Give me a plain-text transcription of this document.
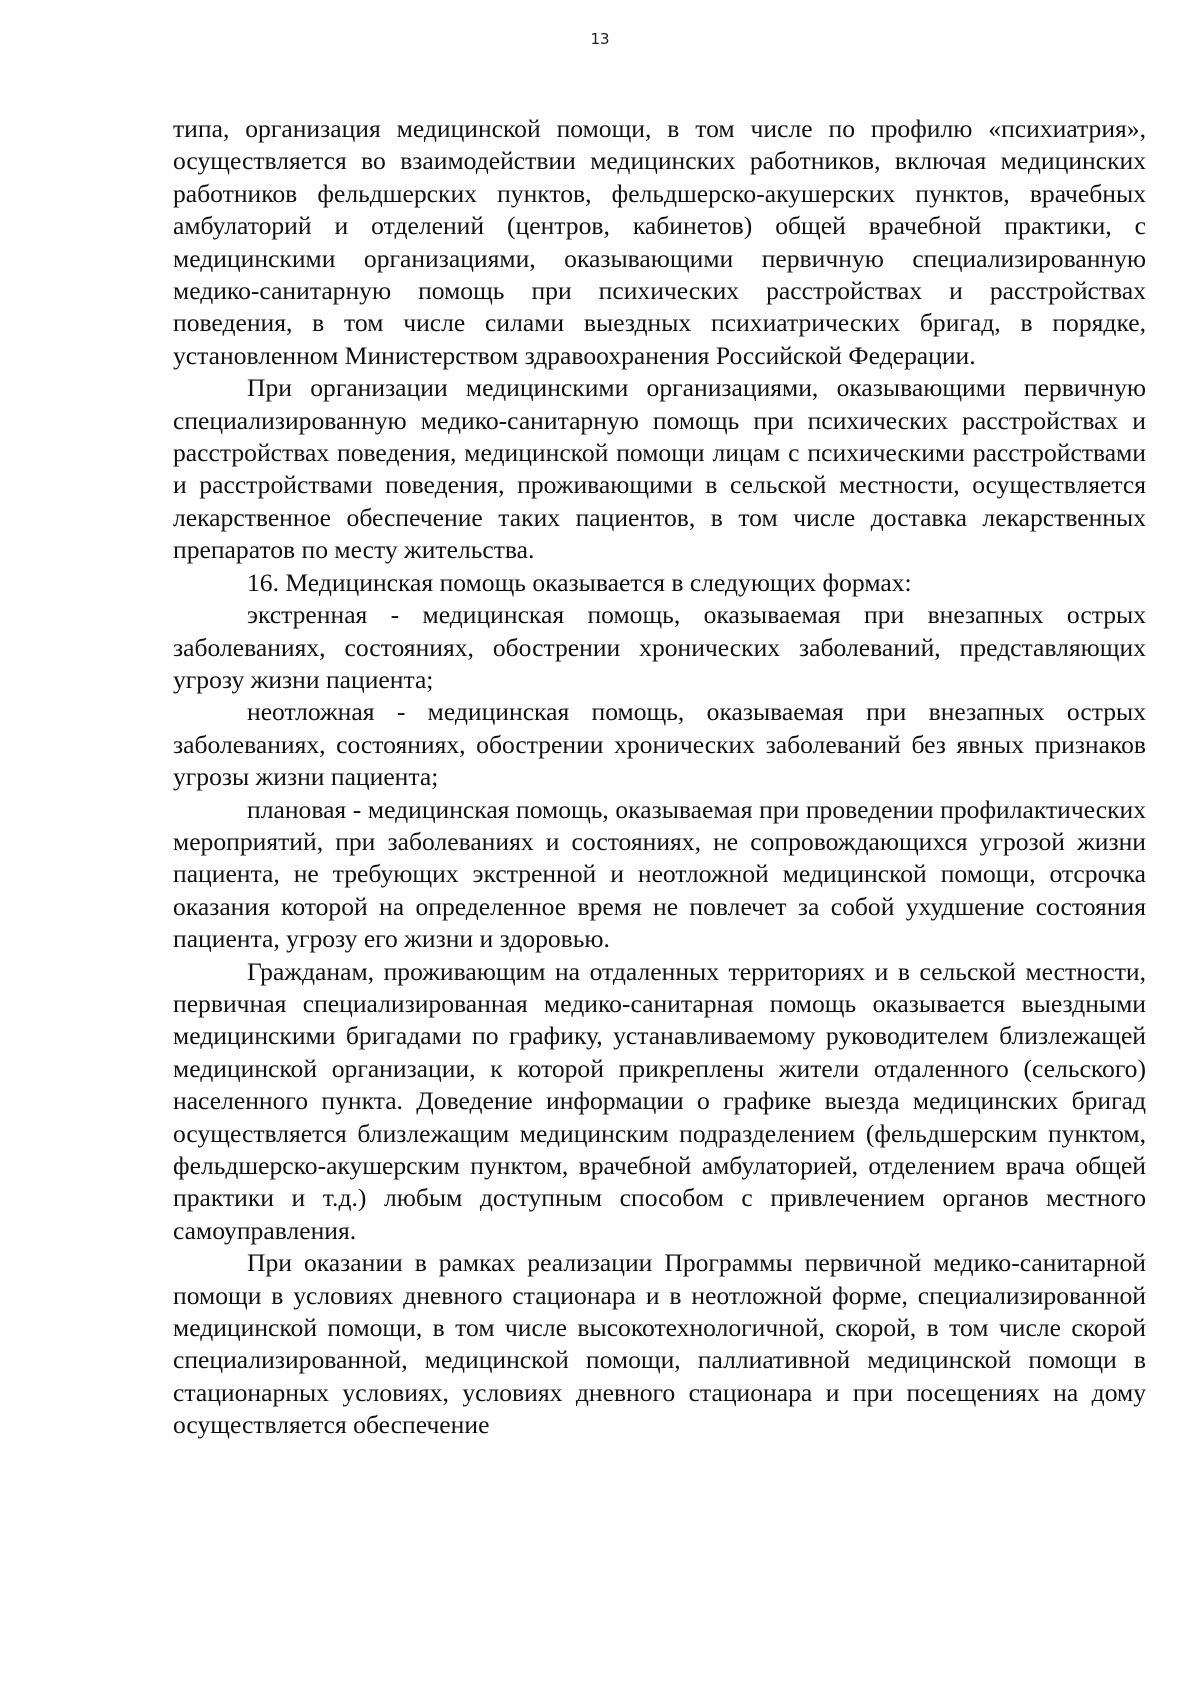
13

типа, организация медицинской помощи, в том числе по профилю «психиатрия», осуществляется во взаимодействии медицинских работников, включая медицинских работников фельдшерских пунктов, фельдшерско-акушерских пунктов, врачебных амбулаторий и отделений (центров, кабинетов) общей врачебной практики, с медицинскими организациями, оказывающими первичную специализированную медико-санитарную помощь при психических расстройствах и расстройствах поведения, в том числе силами выездных психиатрических бригад, в порядке, установленном Министерством здравоохранения Российской Федерации.

При организации медицинскими организациями, оказывающими первичную специализированную медико-санитарную помощь при психических расстройствах и расстройствах поведения, медицинской помощи лицам с психическими расстройствами и расстройствами поведения, проживающими в сельской местности, осуществляется лекарственное обеспечение таких пациентов, в том числе доставка лекарственных препаратов по месту жительства.

16. Медицинская помощь оказывается в следующих формах:

экстренная - медицинская помощь, оказываемая при внезапных острых заболеваниях, состояниях, обострении хронических заболеваний, представляющих угрозу жизни пациента;

неотложная - медицинская помощь, оказываемая при внезапных острых заболеваниях, состояниях, обострении хронических заболеваний без явных признаков угрозы жизни пациента;

плановая - медицинская помощь, оказываемая при проведении профилактических мероприятий, при заболеваниях и состояниях, не сопровождающихся угрозой жизни пациента, не требующих экстренной и неотложной медицинской помощи, отсрочка оказания которой на определенное время не повлечет за собой ухудшение состояния пациента, угрозу его жизни и здоровью.

Гражданам, проживающим на отдаленных территориях и в сельской местности, первичная специализированная медико-санитарная помощь оказывается выездными медицинскими бригадами по графику, устанавливаемому руководителем близлежащей медицинской организации, к которой прикреплены жители отдаленного (сельского) населенного пункта. Доведение информации о графике выезда медицинских бригад осуществляется близлежащим медицинским подразделением (фельдшерским пунктом, фельдшерско-акушерским пунктом, врачебной амбулаторией, отделением врача общей практики и т.д.) любым доступным способом с привлечением органов местного самоуправления.

При оказании в рамках реализации Программы первичной медико-санитарной помощи в условиях дневного стационара и в неотложной форме, специализированной медицинской помощи, в том числе высокотехнологичной, скорой, в том числе скорой специализированной, медицинской помощи, паллиативной медицинской помощи в стационарных условиях, условиях дневного стационара и при посещениях на дому осуществляется обеспечение
